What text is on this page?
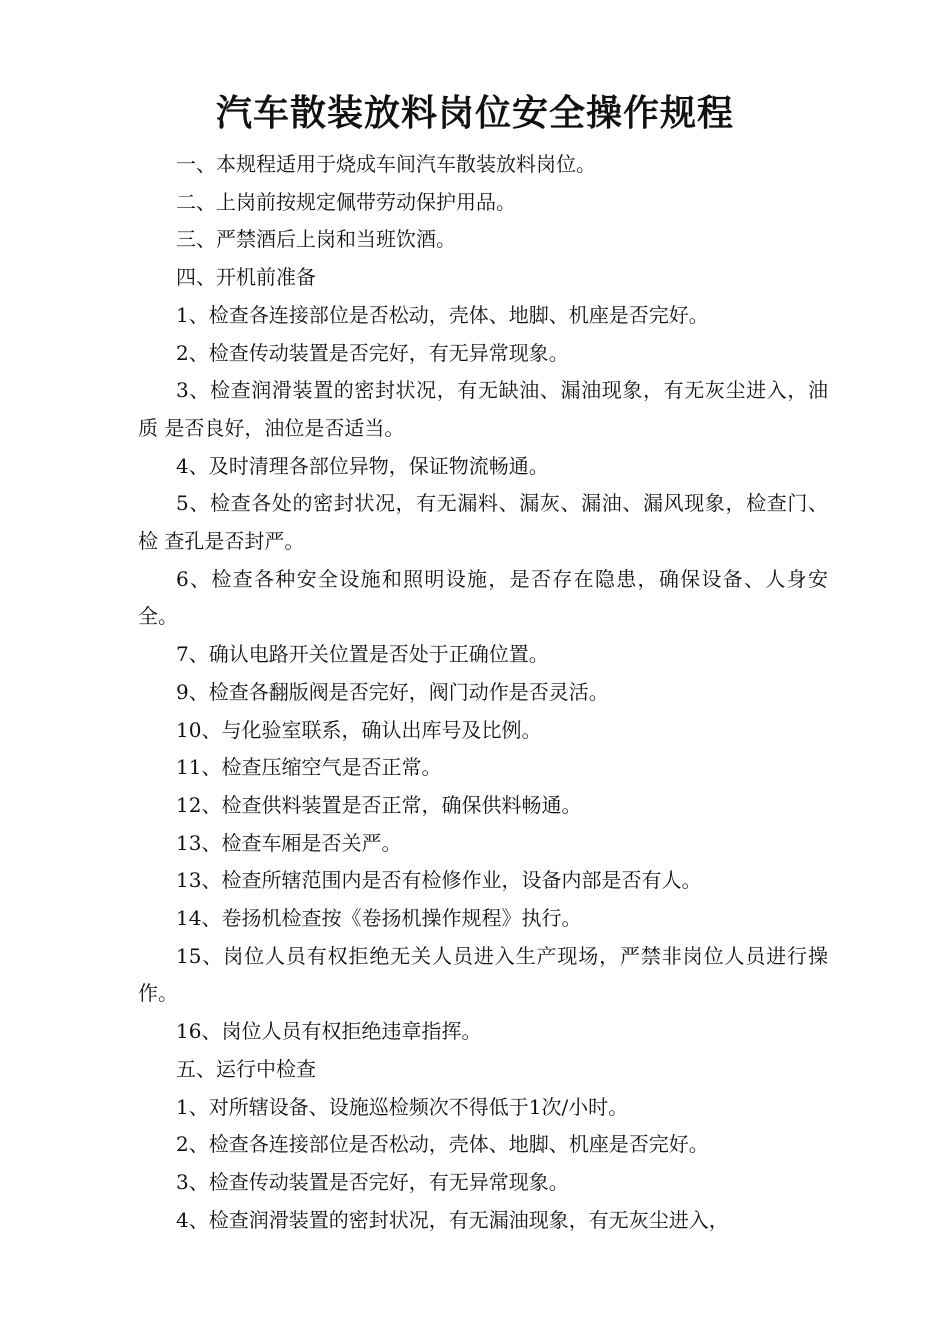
汽车散装放料岗位安全操作规程

一、本规程适用于烧成车间汽车散装放料岗位。

二、上岗前按规定佩带劳动保护用品。

三、严禁酒后上岗和当班饮酒。

四、开机前准备

1、检查各连接部位是否松动，壳体、地脚、机座是否完好。

2、检查传动装置是否完好，有无异常现象。

3、检查润滑装置的密封状况，有无缺油、漏油现象，有无灰尘进入，油质 是否良好，油位是否适当。

4、及时清理各部位异物，保证物流畅通。

5、检查各处的密封状况，有无漏料、漏灰、漏油、漏风现象，检查门、检 查孔是否封严。

6、检查各种安全设施和照明设施，是否存在隐患，确保设备、人身安全。

7、确认电路开关位置是否处于正确位置。

9、检查各翻版阀是否完好，阀门动作是否灵活。

10、与化验室联系，确认出库号及比例。

11、检查压缩空气是否正常。

12、检查供料装置是否正常，确保供料畅通。

13、检查车厢是否关严。

13、检查所辖范围内是否有检修作业，设备内部是否有人。

14、卷扬机检查按《卷扬机操作规程》执行。

15、岗位人员有权拒绝无关人员进入生产现场，严禁非岗位人员进行操作。

16、岗位人员有权拒绝违章指挥。

五、运行中检查

1、对所辖设备、设施巡检频次不得低于1次/小时。

2、检查各连接部位是否松动，壳体、地脚、机座是否完好。

3、检查传动装置是否完好，有无异常现象。

4、检查润滑装置的密封状况，有无漏油现象，有无灰尘进入，
